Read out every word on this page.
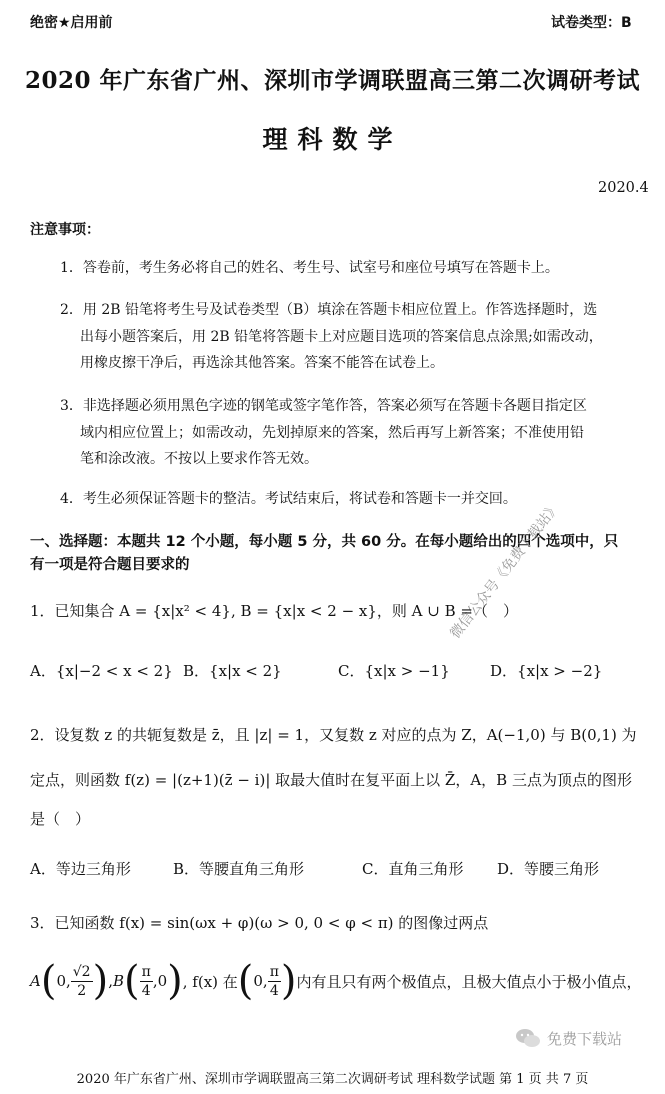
绝密★启用前	试卷类型：B
2020 年广东省广州、深圳市学调联盟高三第二次调研考试
理科数学
2020.4
注意事项：
1．答卷前，考生务必将自己的姓名、考生号、试室号和座位号填写在答题卡上。
2．用 2B 铅笔将考生号及试卷类型（B）填涂在答题卡相应位置上。作答选择题时，选
出每小题答案后，用 2B 铅笔将答题卡上对应题目选项的答案信息点涂黑;如需改动，
用橡皮擦干净后，再选涂其他答案。答案不能答在试卷上。
3．非选择题必须用黑色字迹的钢笔或签字笔作答，答案必须写在答题卡各题目指定区
域内相应位置上；如需改动，先划掉原来的答案，然后再写上新答案；不准使用铅
笔和涂改液。不按以上要求作答无效。
4．考生必须保证答题卡的整洁。考试结束后，将试卷和答题卡一并交回。
一、选择题：本题共 12 个小题，每小题 5 分，共 60 分。在每小题给出的四个选项中，只
有一项是符合题目要求的	微信公众号《免费下载站》
1．已知集合 A = {x|x² < 4}, B = {x|x < 2 − x}，则 A ∪ B =（　）
A．{x|−2 < x < 2} B．{x|x < 2}	C．{x|x > −1}	D．{x|x > −2}
2．设复数 z 的共轭复数是 z̄，且 |z| = 1，又复数 z 对应的点为 Z，A(−1,0) 与 B(0,1) 为
定点，则函数 f(z) = |(z+1)(z̄ − i)| 取最大值时在复平面上以 Z̄，A，B 三点为顶点的图形
是（　）
A．等边三角形	B．等腰直角三角形	C．直角三角形 D．等腰三角形
3．已知函数 f(x) = sin(ωx + φ)(ω > 0, 0 < φ < π) 的图像过两点
A ( 0, $\frac{√2}{2}$ ) , B ( $\frac{\pi}{4} ,0$ ) , f(x) 在 ( 0, $\frac{\pi}{4}$ ) 内有且只有两个极值点，且极大值点小于极小值点，
免费下载站
2020 年广东省广州、深圳市学调联盟高三第二次调研考试 理科数学试题 第 1 页 共 7 页
